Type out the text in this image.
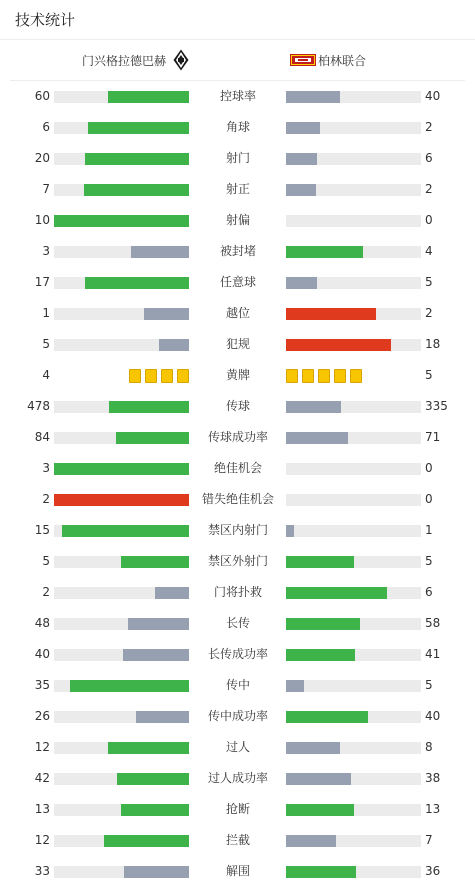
技术统计
门兴格拉德巴赫	柏林联合
60	控球率	40
6	角球	2
20	射门	6
7	射正	2
10	射偏	0
3	被封堵	4
17	任意球	5
1	越位	2
5	犯规	18
4	黄牌	5
478	传球	335
84	传球成功率	71
3	绝佳机会	0
2	错失绝佳机会	0
15	禁区内射门	1
5	禁区外射门	5
2	门将扑救	6
48	长传	58
40	长传成功率	41
35	传中	5
26	传中成功率	40
12	过人	8
42	过人成功率	38
13	抢断	13
12	拦截	7
33	解围	36
